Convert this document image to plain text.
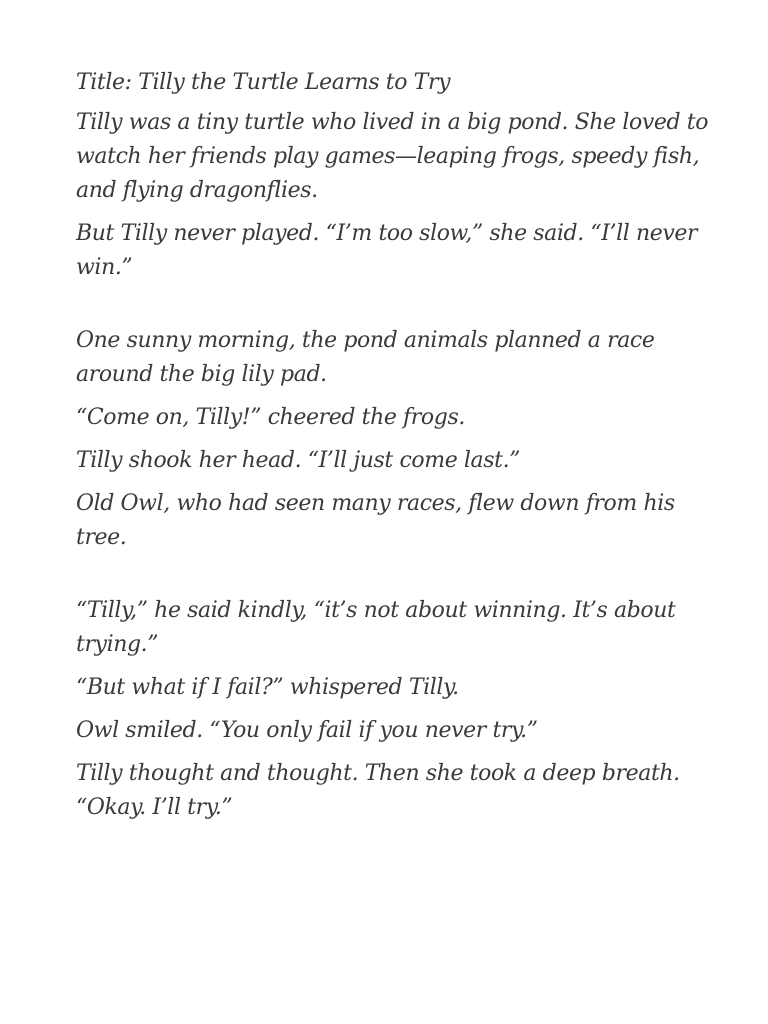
Title: Tilly the Turtle Learns to Try

Tilly was a tiny turtle who lived in a big pond. She loved to watch her friends play games—leaping frogs, speedy fish, and flying dragonflies.

But Tilly never played. “I’m too slow,” she said. “I’ll never win.”

One sunny morning, the pond animals planned a race around the big lily pad.

“Come on, Tilly!” cheered the frogs.

Tilly shook her head. “I’ll just come last.”

Old Owl, who had seen many races, flew down from his tree.

“Tilly,” he said kindly, “it’s not about winning. It’s about trying.”

“But what if I fail?” whispered Tilly.

Owl smiled. “You only fail if you never try.”

Tilly thought and thought. Then she took a deep breath. “Okay. I’ll try.”
